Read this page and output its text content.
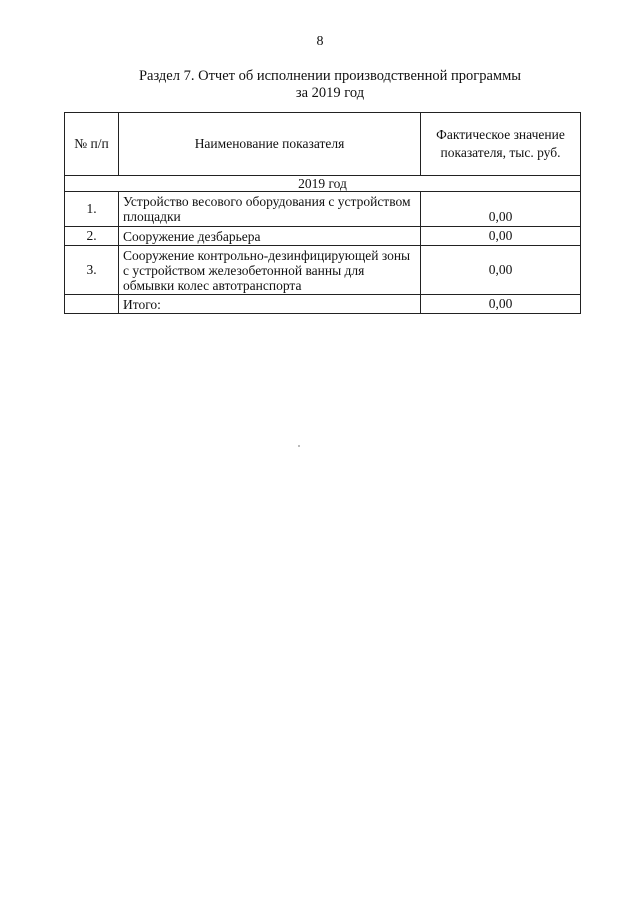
8
Раздел 7. Отчет об исполнении производственной программы
за 2019 год
№ п/п	Наименование показателя	Фактическое значение показателя, тыс. руб.
2019 год		
1.	Устройство весового оборудования с устройством площадки	0,00
2.	Сооружение дезбарьера	0,00
3.	Сооружение контрольно-дезинфицирующей зоны с устройством железобетонной ванны для обмывки колес автотранспорта	0,00
	Итого:	0,00
